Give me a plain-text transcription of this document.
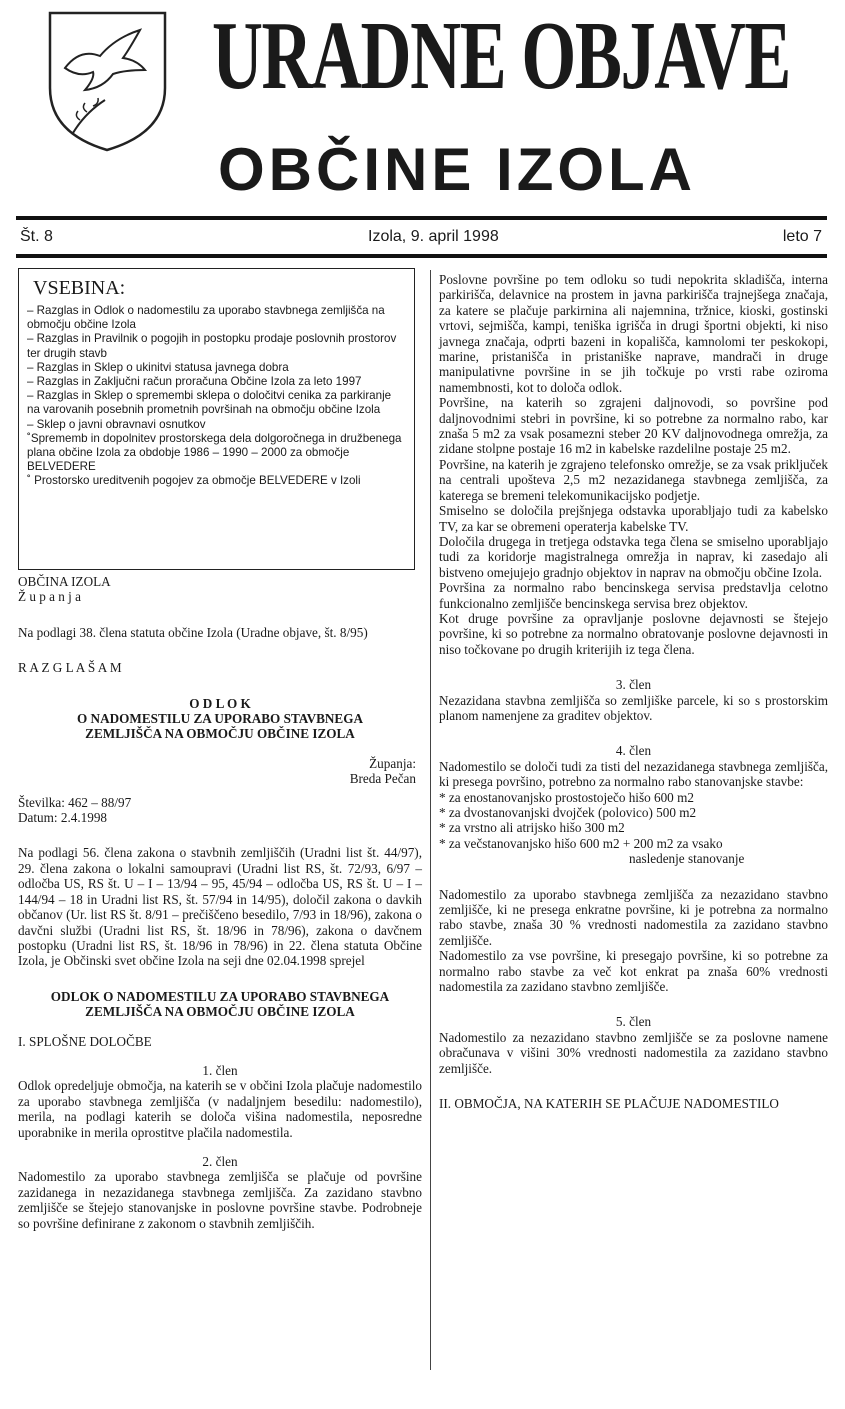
URADNE OBJAVE
OBČINE IZOLA
Št. 8	Izola, 9. april 1998	leto 7
VSEBINA:
– Razglas in Odlok o nadomestilu za uporabo stavbnega zemljišča na območju občine Izola
– Razglas in Pravilnik o pogojih in postopku prodaje poslovnih prostorov ter drugih stavb
– Razglas in Sklep o ukinitvi statusa javnega dobra
– Razglas in Zaključni račun proračuna Občine Izola za leto 1997
– Razglas in Sklep o spremembi sklepa o določitvi cenika za parkiranje na varovanih posebnih prometnih površinah na območju občine Izola
– Sklep o javni obravnavi osnutkov
˚Sprememb in dopolnitev prostorskega dela dolgoročnega in družbenega plana občine Izola za obdobje 1986 – 1990 – 2000 za območje BELVEDERE
˚ Prostorsko ureditvenih pogojev za območje BELVEDERE v Izoli

OBČINA IZOLA

Ž u p a n j a

Na podlagi 38. člena statuta občine Izola (Uradne objave, št. 8/95)

R A Z G L A Š A M

O D L O K

O NADOMESTILU ZA UPORABO STAVBNEGA ZEMLJIŠČA NA OBMOČJU OBČINE IZOLA

Županja:

Breda Pečan

Številka: 462 – 88/97

Datum: 2.4.1998

Na podlagi 56. člena zakona o stavbnih zemljiščih (Uradni list št. 44/97), 29. člena zakona o lokalni samoupravi (Uradni list RS, št. 72/93, 6/97 – odločba US, RS št. U – I – 13/94 – 95, 45/94 – odločba US, RS št. U – I – 144/94 – 18 in Uradni list RS, št. 57/94 in 14/95), določil zakona o davkih občanov (Ur. list RS št. 8/91 – prečiščeno besedilo, 7/93 in 18/96), zakona o davčni službi (Uradni list RS, št. 18/96 in 78/96), zakona o davčnem postopku (Uradni list RS, št. 18/96 in 78/96) in 22. člena statuta Občine Izola, je Občinski svet občine Izola na seji dne 02.04.1998 sprejel

ODLOK O NADOMESTILU ZA UPORABO STAVBNEGA ZEMLJIŠČA NA OBMOČJU OBČINE IZOLA

I. SPLOŠNE DOLOČBE

1. člen

Odlok opredeljuje območja, na katerih se v občini Izola plačuje nadomestilo za uporabo stavbnega zemljišča (v nadaljnjem besedilu: nadomestilo), merila, na podlagi katerih se določa višina nadomestila, neposredne uporabnike in merila oprostitve plačila nadomestila.

2. člen

Nadomestilo za uporabo stavbnega zemljišča se plačuje od površine zazidanega in nezazidanega stavbnega zemljišča. Za zazidano stavbno zemljišče se štejejo stanovanjske in poslovne površine stavbe. Podrobneje so površine definirane z zakonom o stavbnih zemljiščih.

Poslovne površine po tem odloku so tudi nepokrita skladišča, interna parkirišča, delavnice na prostem in javna parkirišča trajnejšega značaja, za katere se plačuje parkirnina ali najemnina, tržnice, kioski, gostinski vrtovi, sejmišča, kampi, teniška igrišča in drugi športni objekti, ki niso javnega značaja, odprti bazeni in kopališča, kamnolomi ter peskokopi, marine, pristanišča in pristaniške naprave, mandrači in druge manipulativne površine in se jih točkuje po vrsti rabe oziroma namembnosti, kot to določa odlok.

Površine, na katerih so zgrajeni daljnovodi, so površine pod daljnovodnimi stebri in površine, ki so potrebne za normalno rabo, kar znaša 5 m2 za vsak posamezni steber 20 KV daljnovodnega omrežja, za zidane stolpne postaje 16 m2 in kabelske razdelilne postaje 25 m2.

Površine, na katerih je zgrajeno telefonsko omrežje, se za vsak priključek na centrali upošteva 2,5 m2 nezazidanega stavbnega zemljišča, za katerega se bremeni telekomunikacijsko podjetje.

Smiselno se določila prejšnjega odstavka uporabljajo tudi za kabelsko TV, za kar se obremeni operaterja kabelske TV.

Določila drugega in tretjega odstavka tega člena se smiselno uporabljajo tudi za koridorje magistralnega omrežja in naprav, ki zasedajo ali bistveno omejujejo gradnjo objektov in naprav na območju občine Izola.

Površina za normalno rabo bencinskega servisa predstavlja celotno funkcionalno zemljišče bencinskega servisa brez objektov.

Kot druge površine za opravljanje poslovne dejavnosti se štejejo površine, ki so potrebne za normalno obratovanje poslovne dejavnosti in niso točkovane po drugih kriterijih iz tega člena.

3. člen

Nezazidana stavbna zemljišča so zemljiške parcele, ki so s prostorskim planom namenjene za graditev objektov.

4. člen

Nadomestilo se določi tudi za tisti del nezazidanega stavbnega zemljišča, ki presega površino, potrebno za normalno rabo stanovanjske stavbe:

* za enostanovanjsko prostostoječo hišo 600 m2

* za dvostanovanjski dvojček (polovico) 500 m2

* za vrstno ali atrijsko hišo 300 m2

* za večstanovanjsko hišo 600 m2 + 200 m2 za vsako

nasledenje stanovanje

Nadomestilo za uporabo stavbnega zemljišča za nezazidano stavbno zemljišče, ki ne presega enkratne površine, ki je potrebna za normalno rabo stavbe, znaša 30 % vrednosti nadomestila za zazidano stavbno zemljišče.

Nadomestilo za vse površine, ki presegajo površine, ki so potrebne za normalno rabo stavbe za več kot enkrat pa znaša 60% vrednosti nadomestila za zazidano stavbno zemljišče.

5. člen

Nadomestilo za nezazidano stavbno zemljišče se za poslovne namene obračunava v višini 30% vrednosti nadomestila za zazidano stavbno zemljišče.

II. OBMOČJA, NA KATERIH SE PLAČUJE NADOMESTILO
